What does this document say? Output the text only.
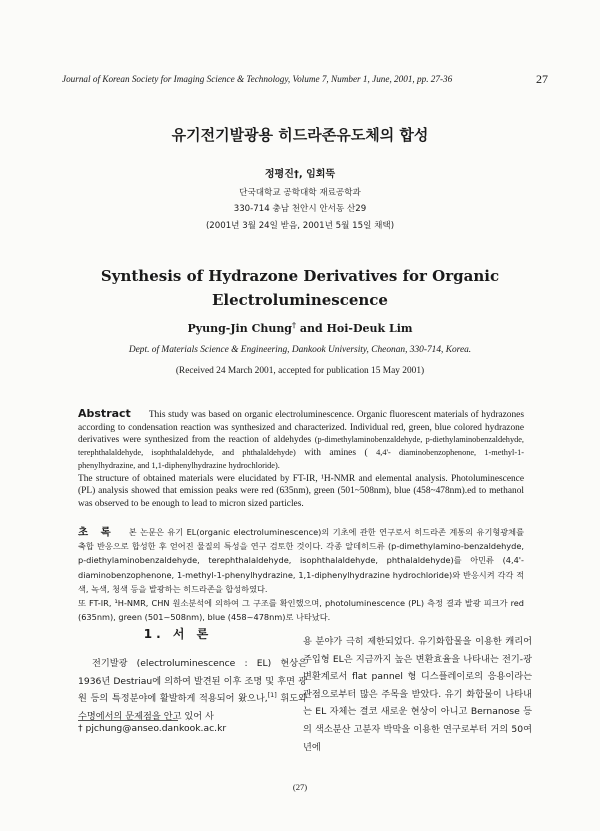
Journal of Korean Society for Imaging Science & Technology, Volume 7, Number 1, June, 2001, pp. 27-36	27
유기전기발광용 히드라존유도체의 합성
정평진†, 임회뚝
단국대학교 공학대학 재료공학과
330-714 충남 천안시 안서동 산29
(2001년 3월 24일 받음, 2001년 5월 15일 채택)
Synthesis of Hydrazone Derivatives for Organic
Electroluminescence
Pyung-Jin Chung† and Hoi-Deuk Lim
Dept. of Materials Science & Engineering, Dankook University, Cheonan, 330-714, Korea.
(Received 24 March 2001, accepted for publication 15 May 2001)
Abstract This study was based on organic electroluminescence. Organic fluorescent materials of hydrazones according to condensation reaction was synthesized and characterized. Individual red, green, blue colored hydrazone derivatives were synthesized from the reaction of aldehydes (p-dimethylaminobenzaldehyde, p-diethylaminobenzaldehyde, terephthalaldehyde, isophthalaldehyde, and phthalaldehyde) with amines ( 4,4'- diaminobenzophenone, 1-methyl-1-phenylhydrazine, and 1,1-diphenylhydrazine hydrochloride).
The structure of obtained materials were elucidated by FT-IR, ¹H-NMR and elemental analysis. Photoluminescence (PL) analysis showed that emission peaks were red (635nm), green (501~508nm), blue (458~478nm).ed to methanol was observed to be enough to lead to micron sized particles.
초 록 본 논문은 유기 EL(organic electroluminescence)의 기초에 관한 연구로서 히드라존 계통의 유기형광체를 축합 반응으로 합성한 후 얻어진 물질의 특성을 연구 검토한 것이다. 각종 알데히드류 (p-dimethylamino-benzaldehyde, p-diethylaminobenzaldehyde, terephthalaldehyde, isophthalaldehyde, phthalaldehyde)를 아민류 (4,4'-diaminobenzophenone, 1-methyl-1-phenylhydrazine, 1,1-diphenylhydrazine hydrochloride)와 반응시켜 각각 적색, 녹색, 청색 등을 발광하는 히드라존을 합성하였다.
또 FT-IR, ¹H-NMR, CHN 원소분석에 의하여 그 구조를 확인했으며, photoluminescence (PL) 측정 결과 발광 피크가 red (635nm), green (501~508nm), blue (458~478nm)로 나타났다.
1. 서 론

전기발광 (electroluminescence : EL) 현상은 1936년 Destriau에 의하여 발견된 이후 조명 및 후면 광원 등의 특정분야에 활발하게 적용되어 왔으나,[1] 휘도와 수명에서의 문제점을 안고 있어 사

† pjchung@anseo.dankook.ac.kr

용 분야가 극히 제한되었다. 유기화합물을 이용한 캐리어 주입형 EL은 지금까지 높은 변환효율을 나타내는 전기-광변환계로서 flat pannel 형 디스플레이로의 응용이라는 관점으로부터 많은 주목을 받았다. 유기 화합물이 나타내는 EL 자체는 결코 새로운 현상이 아니고 Bernanose 등의 색소분산 고분자 박막을 이용한 연구로부터 거의 50여년에

(27)
